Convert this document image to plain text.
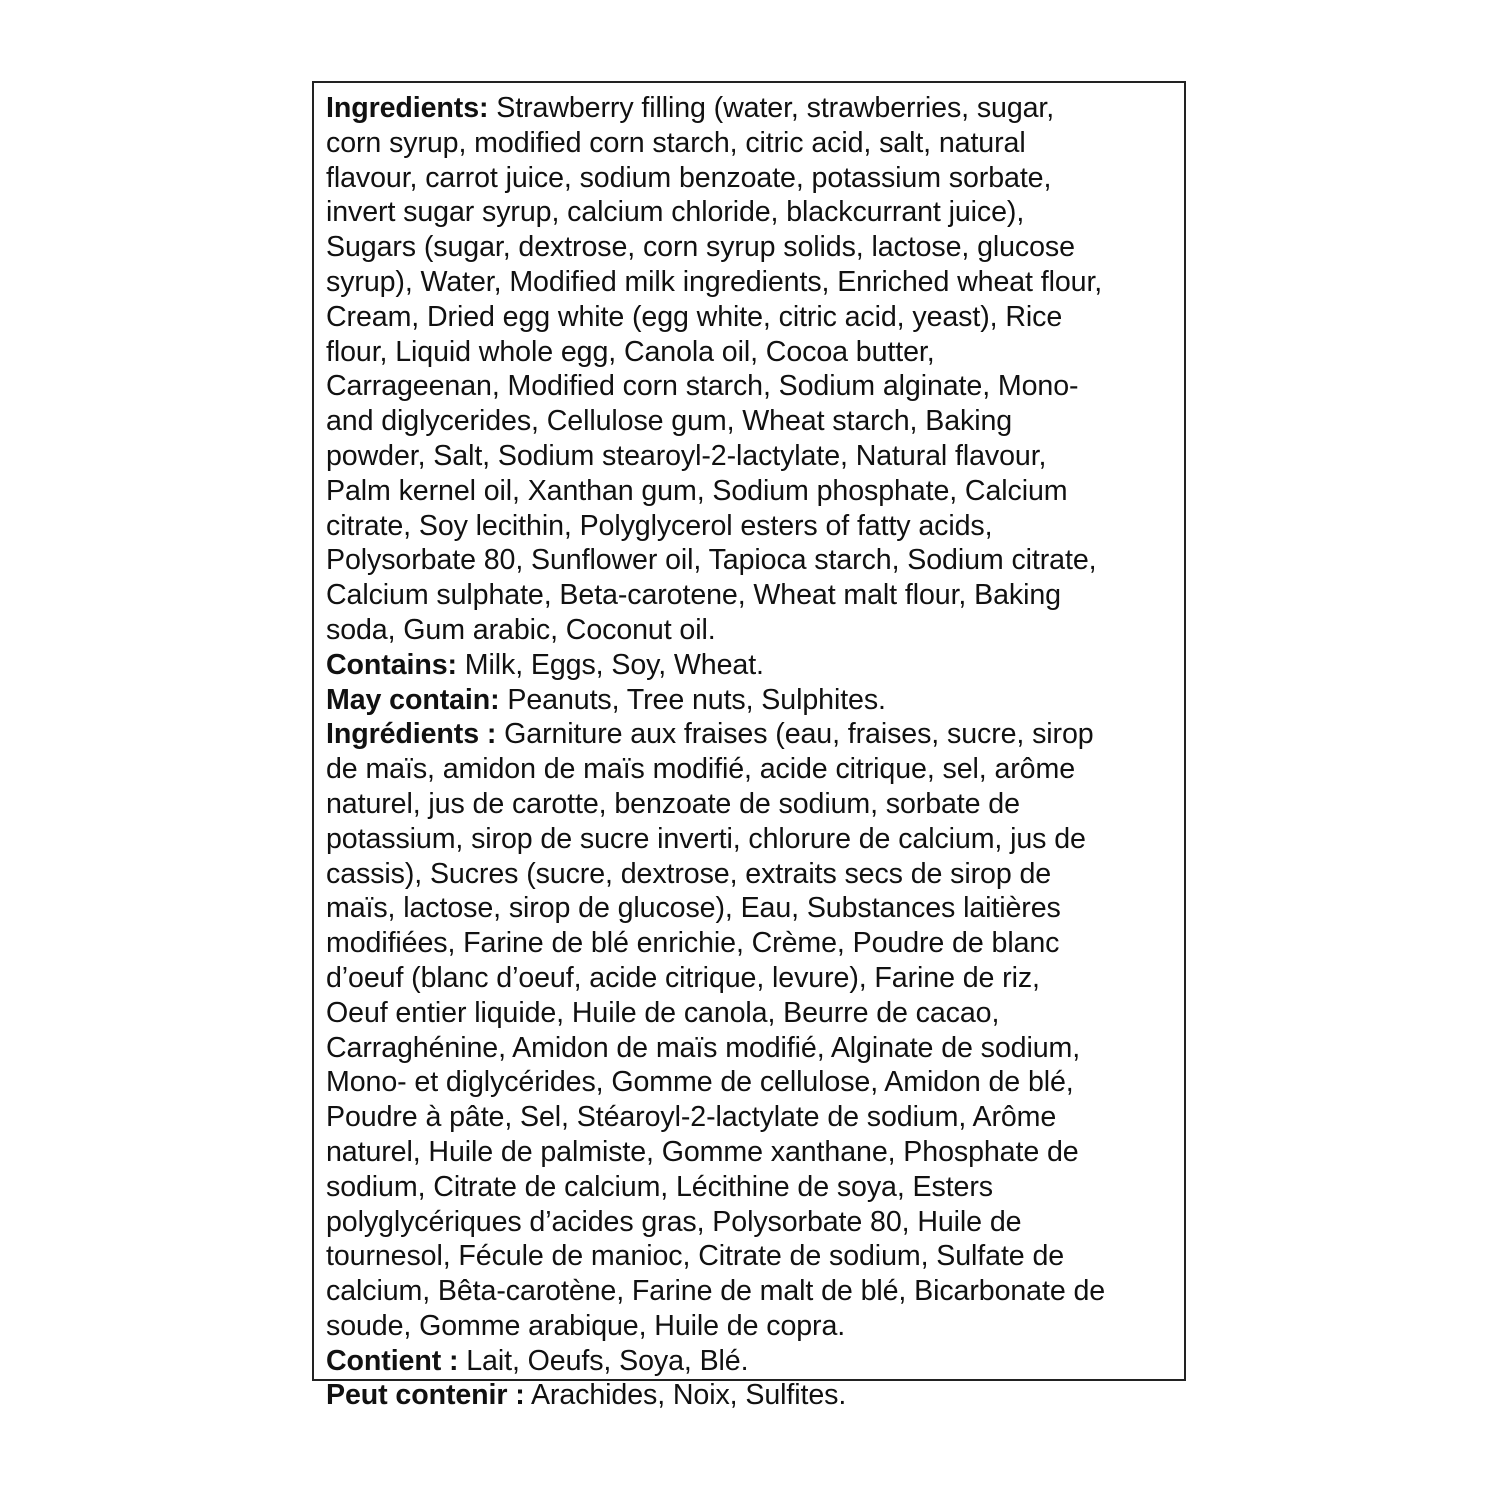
Ingredients: Strawberry filling (water, strawberries, sugar,
corn syrup, modified corn starch, citric acid, salt, natural
flavour, carrot juice, sodium benzoate, potassium sorbate,
invert sugar syrup, calcium chloride, blackcurrant juice),
Sugars (sugar, dextrose, corn syrup solids, lactose, glucose
syrup), Water, Modified milk ingredients, Enriched wheat flour,
Cream, Dried egg white (egg white, citric acid, yeast), Rice
flour, Liquid whole egg, Canola oil, Cocoa butter,
Carrageenan, Modified corn starch, Sodium alginate, Mono-
and diglycerides, Cellulose gum, Wheat starch, Baking
powder, Salt, Sodium stearoyl-2-lactylate, Natural flavour,
Palm kernel oil, Xanthan gum, Sodium phosphate, Calcium
citrate, Soy lecithin, Polyglycerol esters of fatty acids,
Polysorbate 80, Sunflower oil, Tapioca starch, Sodium citrate,
Calcium sulphate, Beta-carotene, Wheat malt flour, Baking
soda, Gum arabic, Coconut oil.
Contains: Milk, Eggs, Soy, Wheat.
May contain: Peanuts, Tree nuts, Sulphites.
Ingrédients : Garniture aux fraises (eau, fraises, sucre, sirop
de maïs, amidon de maïs modifié, acide citrique, sel, arôme
naturel, jus de carotte, benzoate de sodium, sorbate de
potassium, sirop de sucre inverti, chlorure de calcium, jus de
cassis), Sucres (sucre, dextrose, extraits secs de sirop de
maïs, lactose, sirop de glucose), Eau, Substances laitières
modifiées, Farine de blé enrichie, Crème, Poudre de blanc
d’oeuf (blanc d’oeuf, acide citrique, levure), Farine de riz,
Oeuf entier liquide, Huile de canola, Beurre de cacao,
Carraghénine, Amidon de maïs modifié, Alginate de sodium,
Mono- et diglycérides, Gomme de cellulose, Amidon de blé,
Poudre à pâte, Sel, Stéaroyl-2-lactylate de sodium, Arôme
naturel, Huile de palmiste, Gomme xanthane, Phosphate de
sodium, Citrate de calcium, Lécithine de soya, Esters
polyglycériques d’acides gras, Polysorbate 80, Huile de
tournesol, Fécule de manioc, Citrate de sodium, Sulfate de
calcium, Bêta-carotène, Farine de malt de blé, Bicarbonate de
soude, Gomme arabique, Huile de copra.
Contient : Lait, Oeufs, Soya, Blé.
Peut contenir : Arachides, Noix, Sulfites.
